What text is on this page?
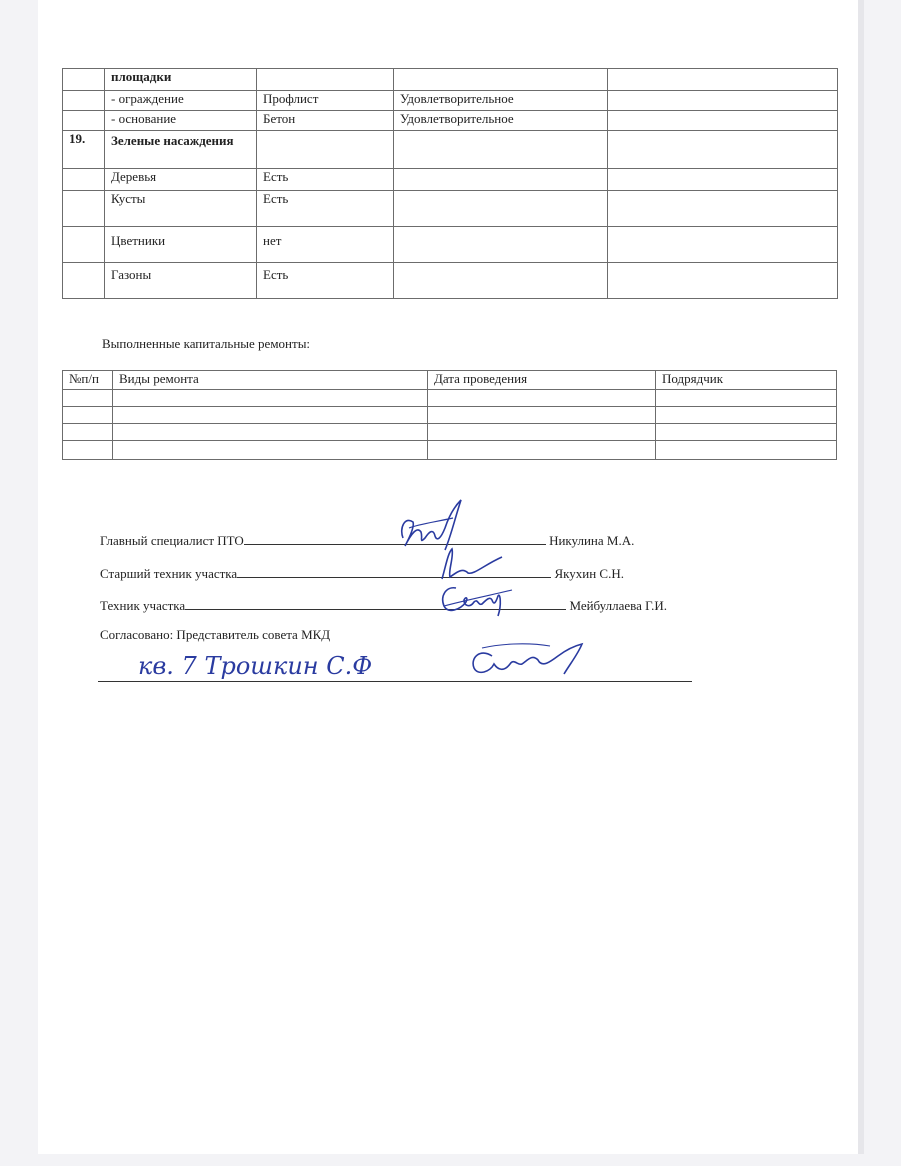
	площадки			
	- ограждение	Профлист	Удовлетворительное	
	- основание	Бетон	Удовлетворительное	
19.	Зеленые насаждения			
	Деревья	Есть		
	Кусты	Есть		
	Цветники	нет		
	Газоны	Есть		
Выполненные капитальные ремонты:
№п/п	Виды ремонта	Дата проведения	Подрядчик

Главный специалист ПТО	Никулина М.А.
Старший техник участка	Якухин С.Н.
Техник участка	Мейбуллаева Г.И.
Согласовано: Представитель совета МКД
кв. 7 Трошкин С.Ф
